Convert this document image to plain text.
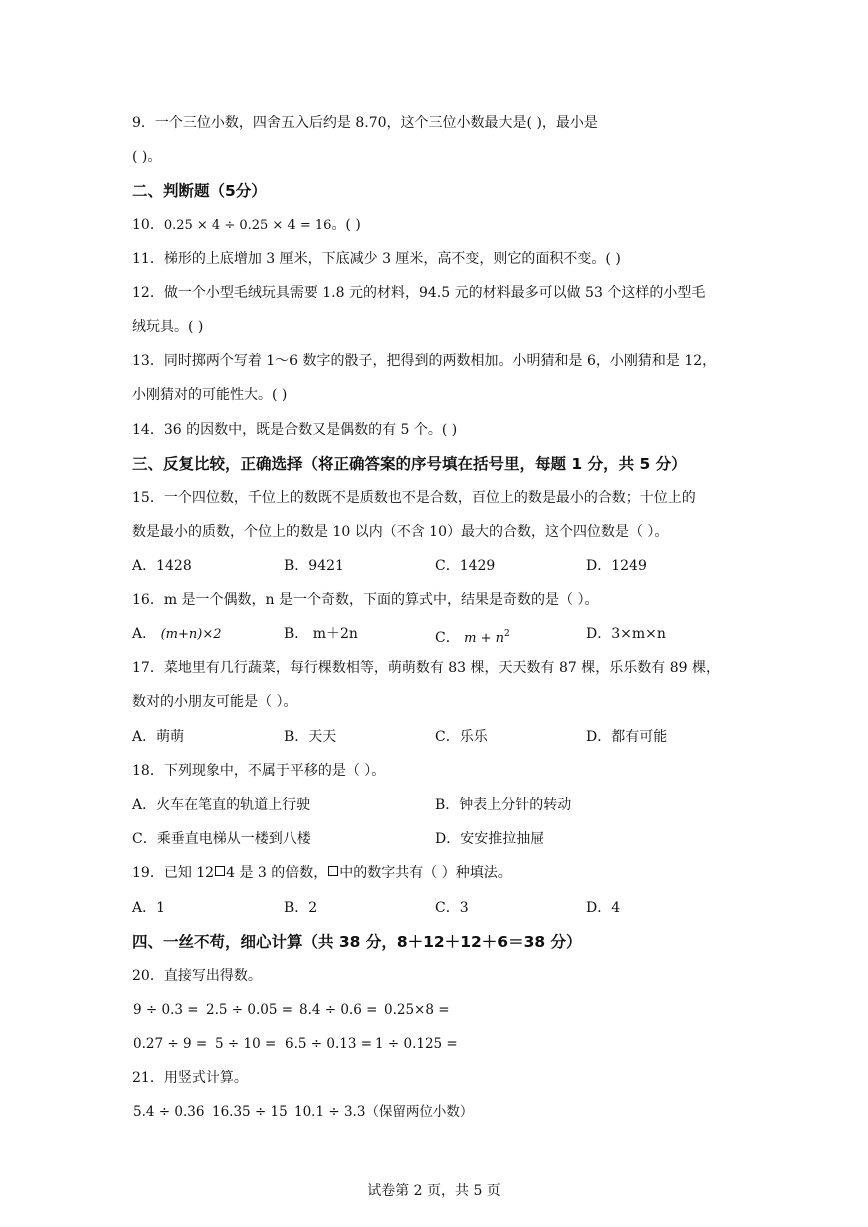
9．一个三位小数，四舍五入后约是 8.70，这个三位小数最大是( )，最小是
( )。
二、判断题（5分）
10．0.25 × 4 ÷ 0.25 × 4 = 16。( )
11．梯形的上底增加 3 厘米，下底减少 3 厘米，高不变，则它的面积不变。( )
12．做一个小型毛绒玩具需要 1.8 元的材料，94.5 元的材料最多可以做 53 个这样的小型毛
绒玩具。( )
13．同时掷两个写着 1～6 数字的骰子，把得到的两数相加。小明猜和是 6，小刚猜和是 12，
小刚猜对的可能性大。( )
14．36 的因数中，既是合数又是偶数的有 5 个。( )
三、反复比较，正确选择（将正确答案的序号填在括号里，每题 1 分，共 5 分）
15．一个四位数，千位上的数既不是质数也不是合数，百位上的数是最小的合数；十位上的
数是最小的质数，个位上的数是 10 以内（不含 10）最大的合数，这个四位数是（ ）。
A．1428	B．9421	C．1429	D．1249
16．m 是一个偶数，n 是一个奇数，下面的算式中，结果是奇数的是（ ）。
A． (m+n)×2	B． m＋2n	C． $m + n^2$	D．3×m×n
17．菜地里有几行蔬菜，每行棵数相等，萌萌数有 83 棵，天天数有 87 棵，乐乐数有 89 棵，
数对的小朋友可能是（ ）。
A．萌萌	B．天天	C．乐乐	D．都有可能
18．下列现象中，不属于平移的是（ ）。
A．火车在笔直的轨道上行驶	B．钟表上分针的转动
C．乘垂直电梯从一楼到八楼	D．安安推拉抽屉
19．已知 12 4 是 3 的倍数， 中的数字共有（ ）种填法。
A．1	B．2	C．3	D．4
四、一丝不苟，细心计算（共 38 分，8＋12＋12＋6＝38 分）
20．直接写出得数。
9 ÷ 0.3 = 2.5 ÷ 0.05 = 8.4 ÷ 0.6 = 0.25×8 =
0.27 ÷ 9 = 5 ÷ 10 = 6.5 ÷ 0.13 = 1 ÷ 0.125 =
21．用竖式计算。
5.4 ÷ 0.36 16.35 ÷ 15 10.1 ÷ 3.3（保留两位小数）
试卷第 2 页，共 5 页
